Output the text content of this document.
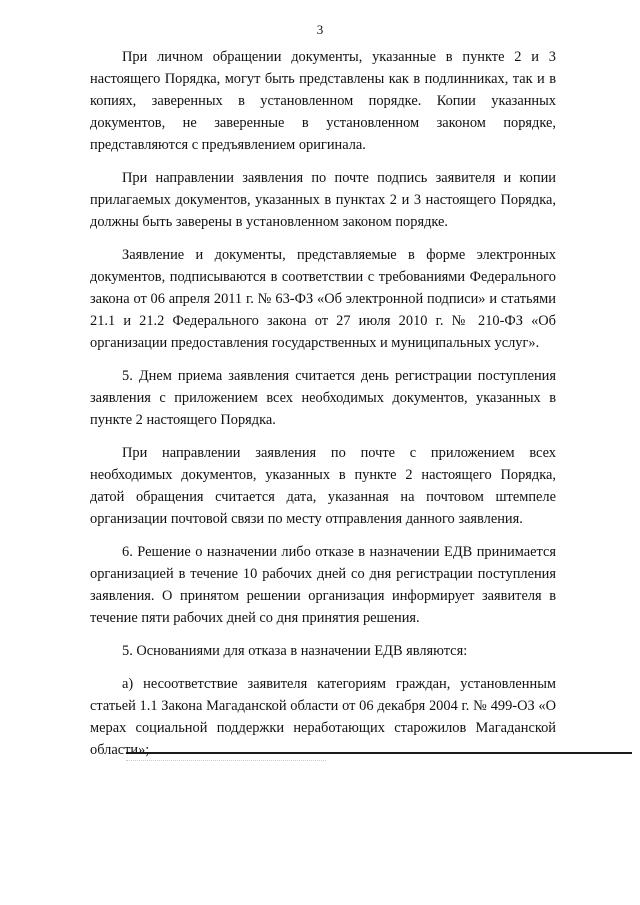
3

При личном обращении документы, указанные в пункте 2 и 3 настоящего Порядка, могут быть представлены как в подлинниках, так и в копиях, заверенных в установленном порядке. Копии указанных документов, не заверенные в установленном законом порядке, представляются с предъявлением оригинала.

При направлении заявления по почте подпись заявителя и копии прилагаемых документов, указанных в пунктах 2 и 3 настоящего Порядка, должны быть заверены в установленном законом порядке.

Заявление и документы, представляемые в форме электронных документов, подписываются в соответствии с требованиями Федерального закона от 06 апреля 2011 г. № 63-ФЗ «Об электронной подписи» и статьями 21.1 и 21.2 Федерального закона от 27 июля 2010 г. № 210-ФЗ «Об организации предоставления государственных и муниципальных услуг».

5. Днем приема заявления считается день регистрации поступления заявления с приложением всех необходимых документов, указанных в пункте 2 настоящего Порядка.

При направлении заявления по почте с приложением всех необходимых документов, указанных в пункте 2 настоящего Порядка, датой обращения считается дата, указанная на почтовом штемпеле организации почтовой связи по месту отправления данного заявления.

6. Решение о назначении либо отказе в назначении ЕДВ принимается организацией в течение 10 рабочих дней со дня регистрации поступления заявления. О принятом решении организация информирует заявителя в течение пяти рабочих дней со дня принятия решения.

5. Основаниями для отказа в назначении ЕДВ являются:

а) несоответствие заявителя категориям граждан, установленным статьей 1.1 Закона Магаданской области от 06 декабря 2004 г. № 499-ОЗ «О мерах социальной поддержки неработающих старожилов Магаданской области»;
